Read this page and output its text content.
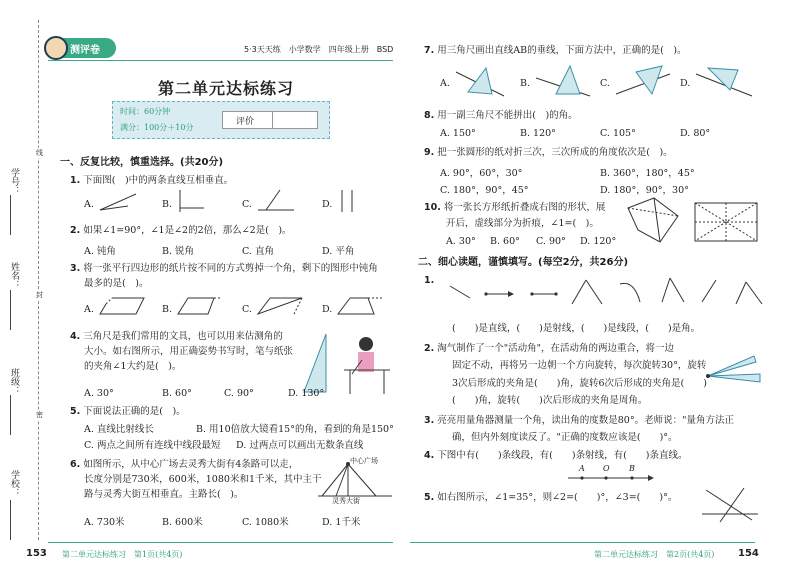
学校：
密
班级：
封
姓名：
线
学号：
测评卷	5·3天天练　小学数学　四年级上册　BSD
第二单元达标练习
时间：60分钟
满分：100分＋10分
评价
一、反复比较，慎重选择。(共20分)
1. 下面图(　)中的两条直线互相垂直。
A.	B.	C.	D.
2. 如果∠1=90°，∠1是∠2的2倍，那么∠2是(　)。
A. 钝角	B. 锐角	C. 直角	D. 平角
3. 将一张平行四边形的纸片按不同的方式剪掉一个角，剩下的图形中钝角
最多的是(　)。
A.	B.	C.	D.
4. 三角尺是我们常用的文具，也可以用来估测角的
大小。如右图所示，用正确姿势书写时，笔与纸张
的夹角∠1大约是(　)。
A. 30°	B. 60°	C. 90°	D. 130°
5. 下面说法正确的是(　)。
A. 直线比射线长	B. 用10倍放大镜看15°的角，看到的角是150°
C. 两点之间所有连线中线段最短 D. 过两点可以画出无数条直线
6. 如图所示，从中心广场去灵秀大街有4条路可以走，
长度分别是730米，600米，1080米和1千米，其中主干
路与灵秀大街互相垂直。主路长(　)。
中心广场
灵秀大街
A. 730米	B. 600米	C. 1080米	D. 1千米
7. 用三角尺画出直线AB的垂线，下面方法中，正确的是(　)。
A.	B.	C.	D.
8. 用一副三角尺不能拼出(　)的角。
A. 150°	B. 120°	C. 105°	D. 80°
9. 把一张圆形的纸对折三次，三次所成的角度依次是(　)。
A. 90°，60°，30°	B. 360°，180°，45°
C. 180°，90°，45°	D. 180°，90°，30°
10. 将一张长方形纸折叠成右图的形状，展
开后，虚线部分为折痕，∠1=(　)。
A. 30° B. 60° C. 90° D. 120°
二、细心读题，谨慎填写。(每空2分，共26分)
1.
(　　)是直线，(　　)是射线，(　　)是线段，(　　)是角。
2. 淘气制作了一个"活动角"，在活动角的两边重合，将一边
固定不动，再将另一边朝一个方向旋转，每次旋转30°，旋转
3次后形成的夹角是(　　)角，旋转6次后形成的夹角是(　　)
(　　)角，旋转(　　)次后形成的夹角是周角。
3. 亮亮用量角器测量一个角，读出角的度数是80°。老师说："量角方法正
确，但内外刻度读反了。"正确的度数应该是(　　)°。
4. 下图中有(　　)条线段，有(　　)条射线，有(　　)条直线。
A O B
5. 如右图所示，∠1=35°，则∠2=(　　)°，∠3=(　　)°。
153 第二单元达标练习　第1页(共4页)	第二单元达标练习　第2页(共4页) 154
